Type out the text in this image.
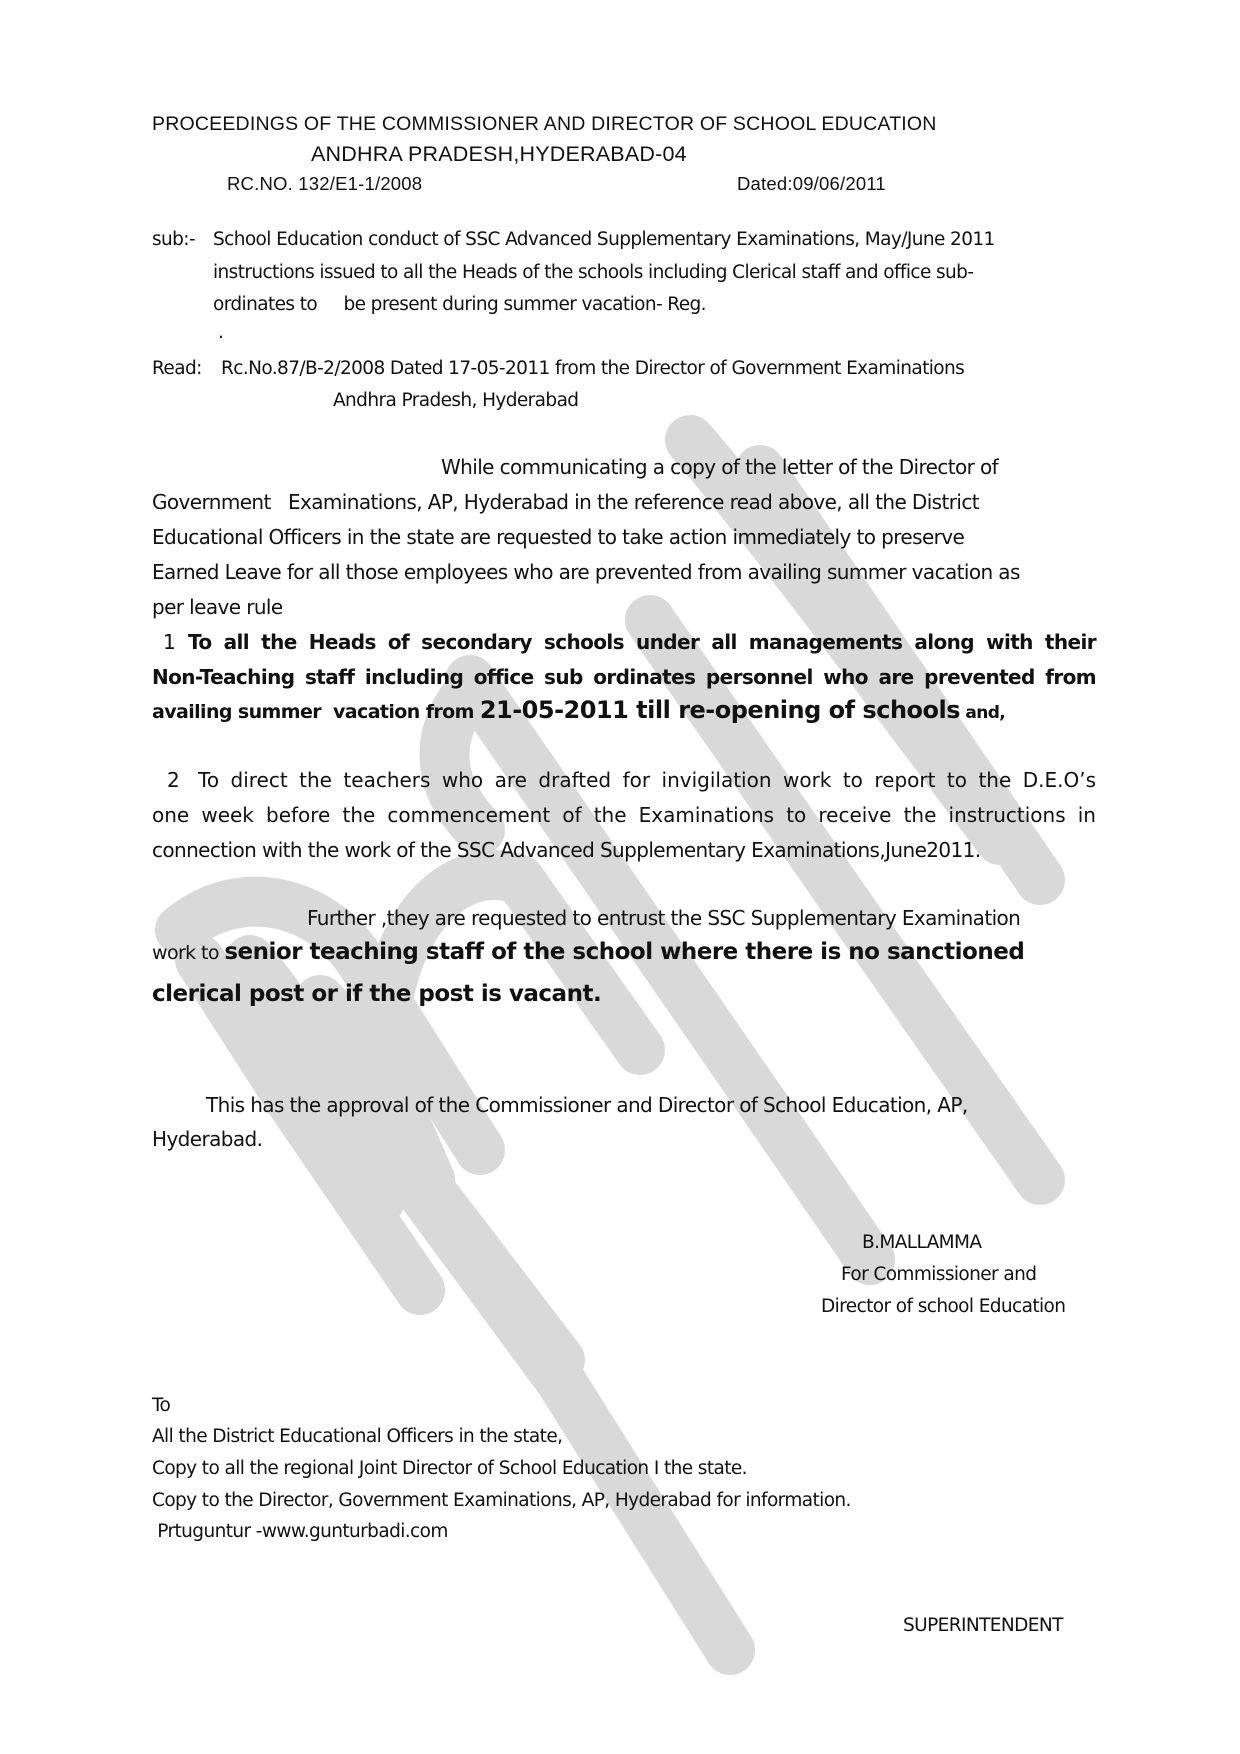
PROCEEDINGS OF THE COMMISSIONER AND DIRECTOR OF SCHOOL EDUCATION
ANDHRA PRADESH,HYDERABAD-04
RC.NO. 132/E1-1/2008	Dated:09/06/2011
sub:- School Education conduct of SSC Advanced Supplementary Examinations, May/June 2011
instructions issued to all the Heads of the schools including Clerical staff and office sub-
ordinates to     be present during summer vacation- Reg.
.
Read: Rc.No.87/B-2/2008 Dated 17-05-2011 from the Director of Government Examinations
Andhra Pradesh, Hyderabad
While communicating a copy of the letter of the Director of
Government   Examinations, AP, Hyderabad in the reference read above, all the District
Educational Officers in the state are requested to take action immediately to preserve
Earned Leave for all those employees who are prevented from availing summer vacation as
per leave rule
1 To all the Heads of secondary schools under all managements along with their
Non-Teaching staff including office sub ordinates personnel who are prevented from
availing summer  vacation from 21-05-2011 till re-opening of schools and,
2 To direct the teachers who are drafted for invigilation work to report to the D.E.O’s
one week before the commencement of the Examinations to receive the instructions in
connection with the work of the SSC Advanced Supplementary Examinations,June2011.
Further ,they are requested to entrust the SSC Supplementary Examination
work to senior teaching staff of the school where there is no sanctioned
clerical post or if the post is vacant.
This has the approval of the Commissioner and Director of School Education, AP,
Hyderabad.
B.MALLAMMA
For Commissioner and
Director of school Education
To
All the District Educational Officers in the state,
Copy to all the regional Joint Director of School Education I the state.
Copy to the Director, Government Examinations, AP, Hyderabad for information.
Prtuguntur -www.gunturbadi.com
SUPERINTENDENT
